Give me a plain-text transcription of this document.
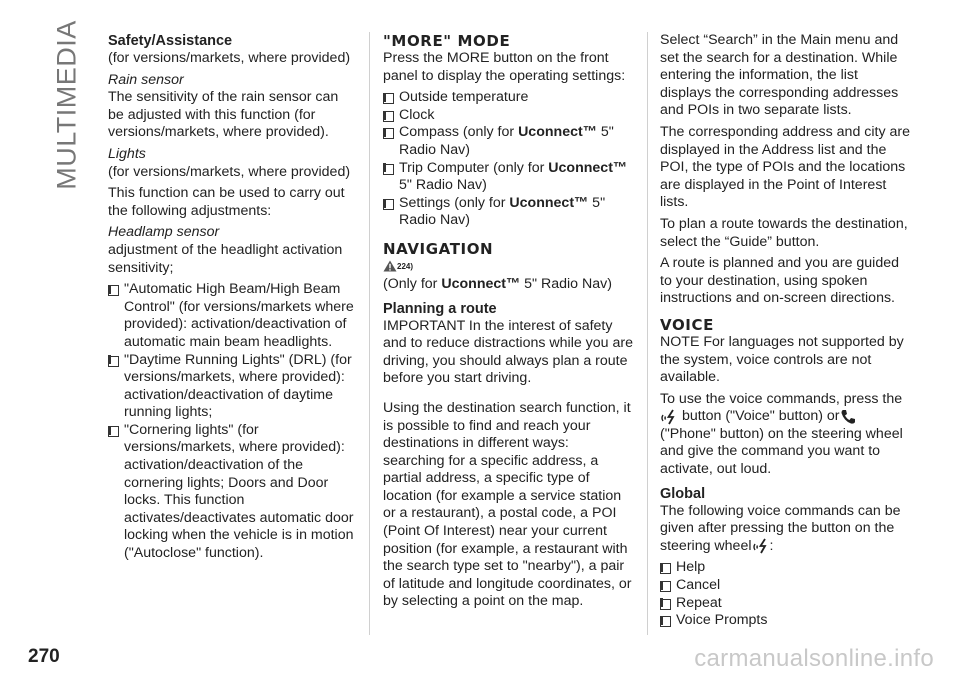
MULTIMEDIA
270	carmanualsonline.info
Safety/Assistance

(for versions/markets, where provided)

Rain sensor

The sensitivity of the rain sensor can be adjusted with this function (for versions/markets, where provided).

Lights

(for versions/markets, where provided)

This function can be used to carry out the following adjustments:

Headlamp sensor

adjustment of the headlight activation sensitivity;

"Automatic High Beam/High Beam Control" (for versions/markets where provided): activation/deactivation of automatic main beam headlights.
"Daytime Running Lights" (DRL) (for versions/markets, where provided): activation/deactivation of daytime running lights;
"Cornering lights" (for versions/markets, where provided): activation/deactivation of the cornering lights; Doors and Door locks. This function activates/deactivates automatic door locking when the vehicle is in motion ("Autoclose" function).
"MORE" MODE

Press the MORE button on the front panel to display the operating settings:

Outside temperature
Clock
Compass (only for Uconnect™ 5" Radio Nav)
Trip Computer (only for Uconnect™ 5" Radio Nav)
Settings (only for Uconnect™ 5" Radio Nav)
NAVIGATION
$^{224)}$

(Only for Uconnect™ 5" Radio Nav)

Planning a route

IMPORTANT In the interest of safety and to reduce distractions while you are driving, you should always plan a route before you start driving.

Using the destination search function, it is possible to find and reach your destinations in different ways: searching for a specific address, a partial address, a specific type of location (for example a service station or a restaurant), a postal code, a POI (Point Of Interest) near your current position (for example, a restaurant with the search type set to "nearby"), a pair of latitude and longitude coordinates, or by selecting a point on the map.

Select “Search” in the Main menu and set the search for a destination. While entering the information, the list displays the corresponding addresses and POIs in two separate lists.

The corresponding address and city are displayed in the Address list and the POI, the type of POIs and the locations are displayed in the Point of Interest lists.

To plan a route towards the destination, select the “Guide” button.

A route is planned and you are guided to your destination, using spoken instructions and on-screen directions.

VOICE

NOTE For languages not supported by the system, voice controls are not available.

To use the voice commands, press the button ("Voice" button) or ("Phone" button) on the steering wheel and give the command you want to activate, out loud.

Global

The following voice commands can be given after pressing the button on the steering wheel :

Help
Cancel
Repeat
Voice Prompts
